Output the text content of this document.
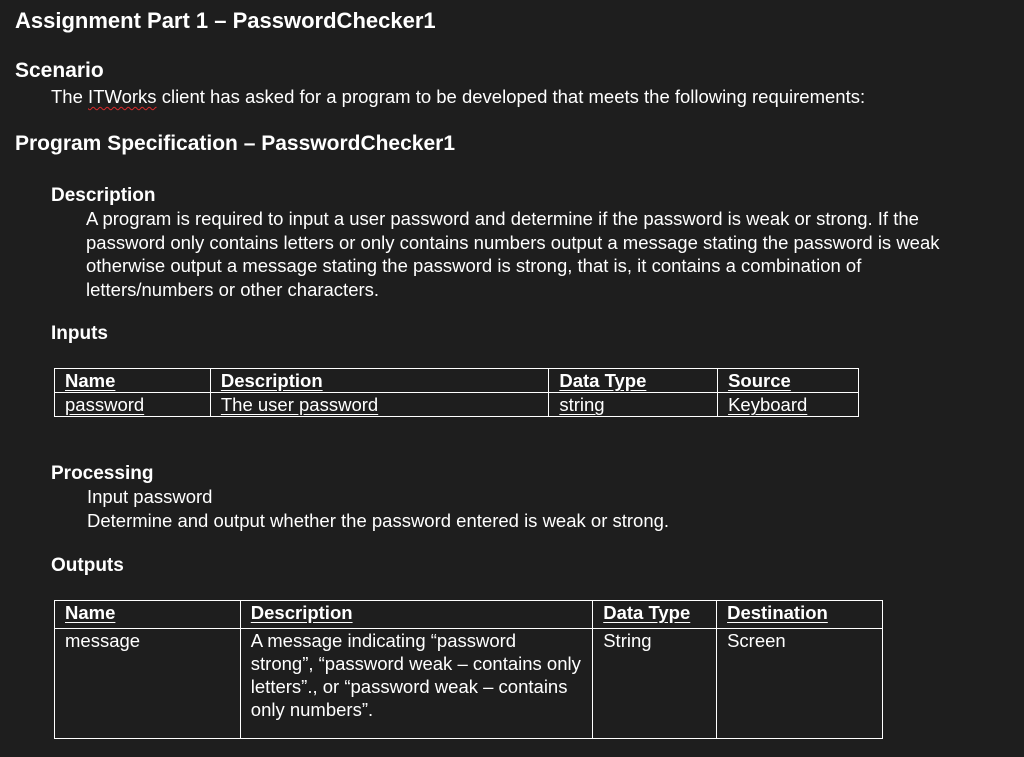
Assignment Part 1 – PasswordChecker1
Scenario
The ITWorks client has asked for a program to be developed that meets the following requirements:
Program Specification – PasswordChecker1
Description
A program is required to input a user password and determine if the password is weak or strong. If the
password only contains letters or only contains numbers output a message stating the password is weak
otherwise output a message stating the password is strong, that is, it contains a combination of
letters/numbers or other characters.
Inputs
Name	Description	Data Type	Source
password	The user password	string	Keyboard
Processing
Input password
Determine and output whether the password entered is weak or strong.
Outputs
Name	Description	Data Type	Destination
message	A message indicating “password strong”, “password weak – contains only letters”., or “password weak – contains only numbers”.	String	Screen
